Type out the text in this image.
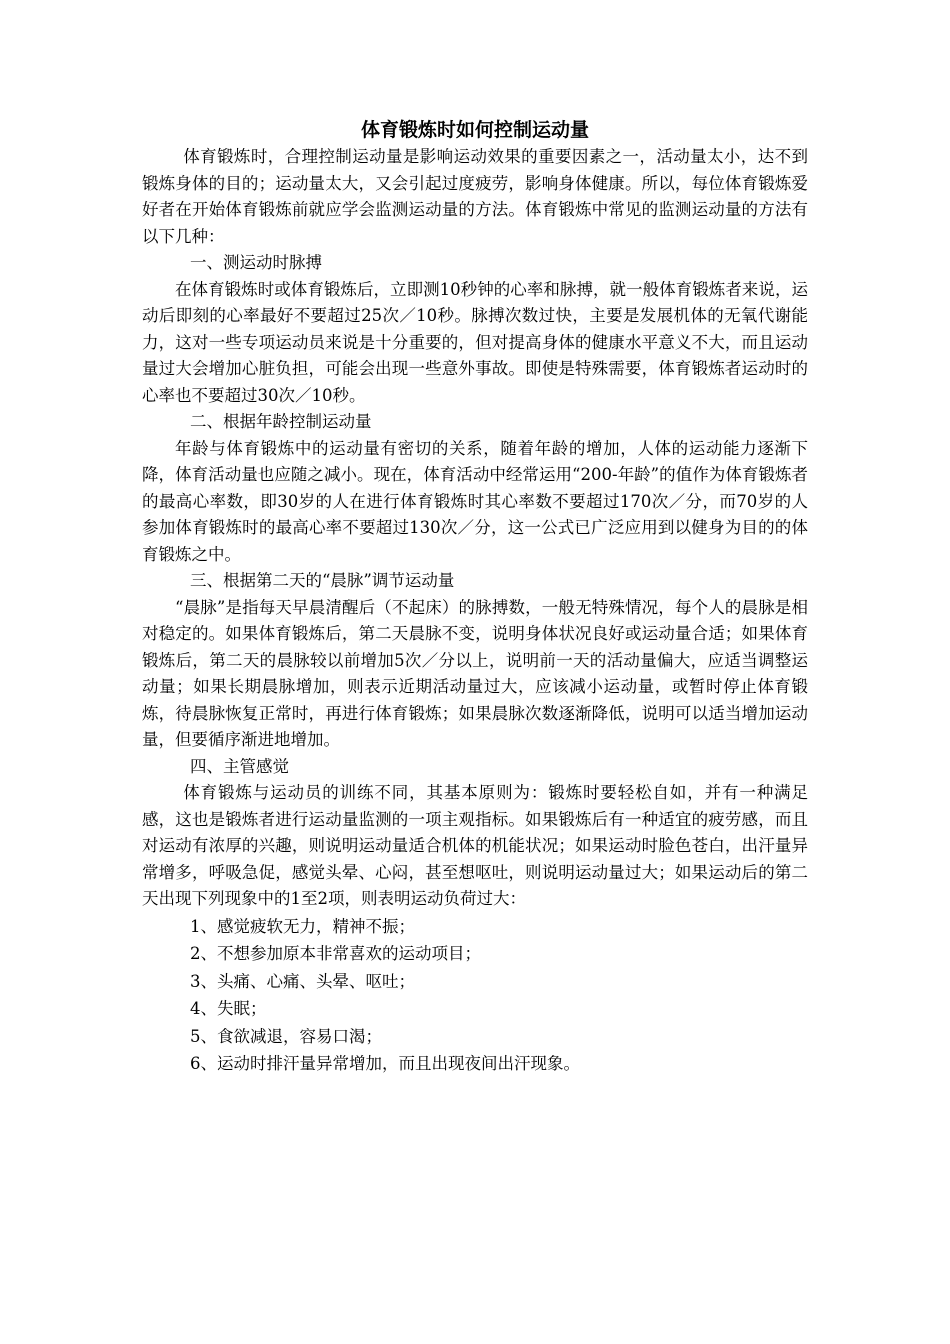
体育锻炼时如何控制运动量

体育锻炼时，合理控制运动量是影响运动效果的重要因素之一，活动量太小，达不到锻炼身体的目的；运动量太大，又会引起过度疲劳，影响身体健康。所以，每位体育锻炼爱好者在开始体育锻炼前就应学会监测运动量的方法。体育锻炼中常见的监测运动量的方法有以下几种：

一、测运动时脉搏

在体育锻炼时或体育锻炼后，立即测10秒钟的心率和脉搏，就一般体育锻炼者来说，运动后即刻的心率最好不要超过25次／10秒。脉搏次数过快，主要是发展机体的无氧代谢能力，这对一些专项运动员来说是十分重要的，但对提高身体的健康水平意义不大，而且运动量过大会增加心脏负担，可能会出现一些意外事故。即使是特殊需要，体育锻炼者运动时的心率也不要超过30次／10秒。

二、根据年龄控制运动量

年龄与体育锻炼中的运动量有密切的关系，随着年龄的增加，人体的运动能力逐渐下降，体育活动量也应随之减小。现在，体育活动中经常运用“200-年龄”的值作为体育锻炼者的最高心率数，即30岁的人在进行体育锻炼时其心率数不要超过170次／分，而70岁的人参加体育锻炼时的最高心率不要超过130次／分，这一公式已广泛应用到以健身为目的的体育锻炼之中。

三、根据第二天的“晨脉”调节运动量

“晨脉”是指每天早晨清醒后（不起床）的脉搏数，一般无特殊情况，每个人的晨脉是相对稳定的。如果体育锻炼后，第二天晨脉不变，说明身体状况良好或运动量合适；如果体育锻炼后，第二天的晨脉较以前增加5次／分以上，说明前一天的活动量偏大，应适当调整运动量；如果长期晨脉增加，则表示近期活动量过大，应该减小运动量，或暂时停止体育锻炼，待晨脉恢复正常时，再进行体育锻炼；如果晨脉次数逐渐降低，说明可以适当增加运动量，但要循序渐进地增加。

四、主管感觉

体育锻炼与运动员的训练不同，其基本原则为：锻炼时要轻松自如，并有一种满足感，这也是锻炼者进行运动量监测的一项主观指标。如果锻炼后有一种适宜的疲劳感，而且对运动有浓厚的兴趣，则说明运动量适合机体的机能状况；如果运动时脸色苍白，出汗量异常增多，呼吸急促，感觉头晕、心闷，甚至想呕吐，则说明运动量过大；如果运动后的第二天出现下列现象中的1至2项，则表明运动负荷过大：

1、感觉疲软无力，精神不振；

2、不想参加原本非常喜欢的运动项目；

3、头痛、心痛、头晕、呕吐；

4、失眠；

5、食欲减退，容易口渴；

6、运动时排汗量异常增加，而且出现夜间出汗现象。
